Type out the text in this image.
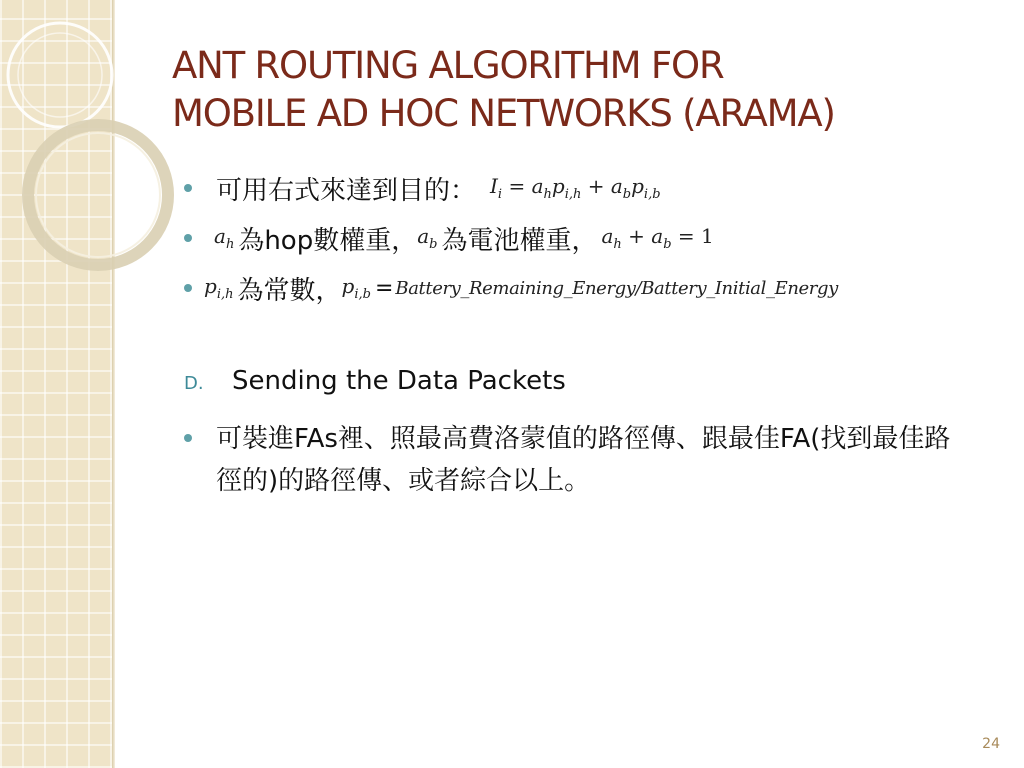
ANT ROUTING ALGORITHM FOR
MOBILE AD HOC NETWORKS (ARAMA)
可用右式來達到目的： $I_i = a_hp_{i,h} + a_bp_{i,b}$
$a_h$ 為hop數權重， $a_b$ 為電池權重， $a_h + a_b = 1$
$p_{i,h}$ 為常數， $p_{i,b}$ = Battery_Remaining_Energy/Battery_Initial_Energy
D.	Sending the Data Packets
可裝進FAs裡、照最高費洛蒙值的路徑傳、跟最佳FA(找到最佳路徑的)的路徑傳、或者綜合以上。
24
